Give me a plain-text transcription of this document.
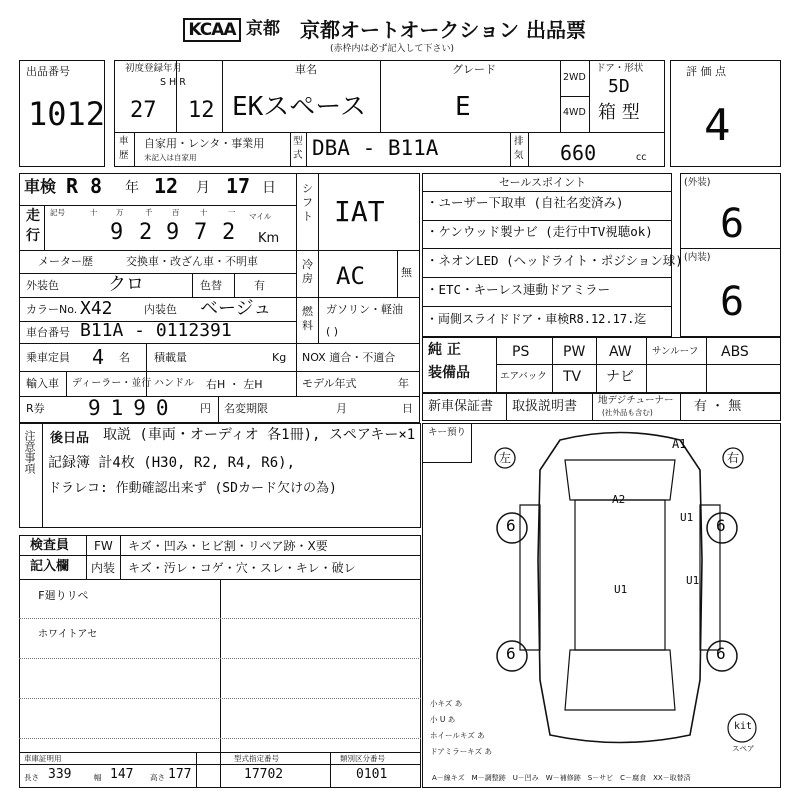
KCAA 京都 京都オートオークション 出品票
(赤枠内は必ず記入して下さい)
出品番号
1012
初度登録年月
S H R
27 12
車名
EKスペース
グレード
E
2WD
4WD
ドア・形状
5D
箱 型
車
歴
自家用・レンタ・事業用
未記入は自家用
型
式 DBA - B11A	排
気 660	cc
評 価 点
4
車検 R 8 年 12 月 17 日
走
行
記号	十 万	千	百	十	一 マイル
9 2 9 7 2 Km
シフト IAT
メーター歴	交換車・改ざん車・不明車	冷房 AC	無
外装色	クロ	色替	有
カラーNo. X42	内装色 ベージュ	燃料
ガソリン・軽油
( )
車台番号 B11A - 0112391
乗車定員 4 名 積載量	Kg NOX 適合・不適合
輸入車 ディーラー・並行 ハンドル 右H ・ 左H	モデル年式	年
R券 9190 円 名変期限	月	日
セールスポイント
・ユーザー下取車 (自社名変済み)
・ケンウッド製ナビ (走行中TV視聴ok)
・ネオンLED (ヘッドライト・ポジション球)
・ETC・キーレス連動ドアミラー
・両側スライドドア・車検R8.12.17.迄
純 正
装備品
PS PW AW サンルーフ ABS
エアバック TV ナビ
新車保証書 取扱説明書 地デジチューナー
(社外品も含む)	有 ・ 無
(外装)
6
(内装)
6
注意事項 後日品 取説 (車両・オーディオ 各1冊), スペアキー×1
記録簿 計4枚 (H30, R2, R4, R6),
ドラレコ: 作動確認出来ず (SDカード欠けの為)
検査員
記入欄
FW キズ・凹み・ヒビ割・リペア跡・X要
内装 キズ・汚レ・コゲ・穴・スレ・キレ・破レ
F廻りリペ
ホワイトアセ
キー預り
左	右
A1
A2
U1
U1
U1
6	6
6	6
小キズ あ
小 U あ
ホイールキズ あ
ドアミラーキズ あ
kit
スペア
車庫証明用	型式指定番号	類別区分番号
長さ 339	幅 147 高さ 177	17702	0101	A－線キズ　M－調整跡　U－凹み　W－補修跡　S－サビ　C－腐食　XX－取替済
